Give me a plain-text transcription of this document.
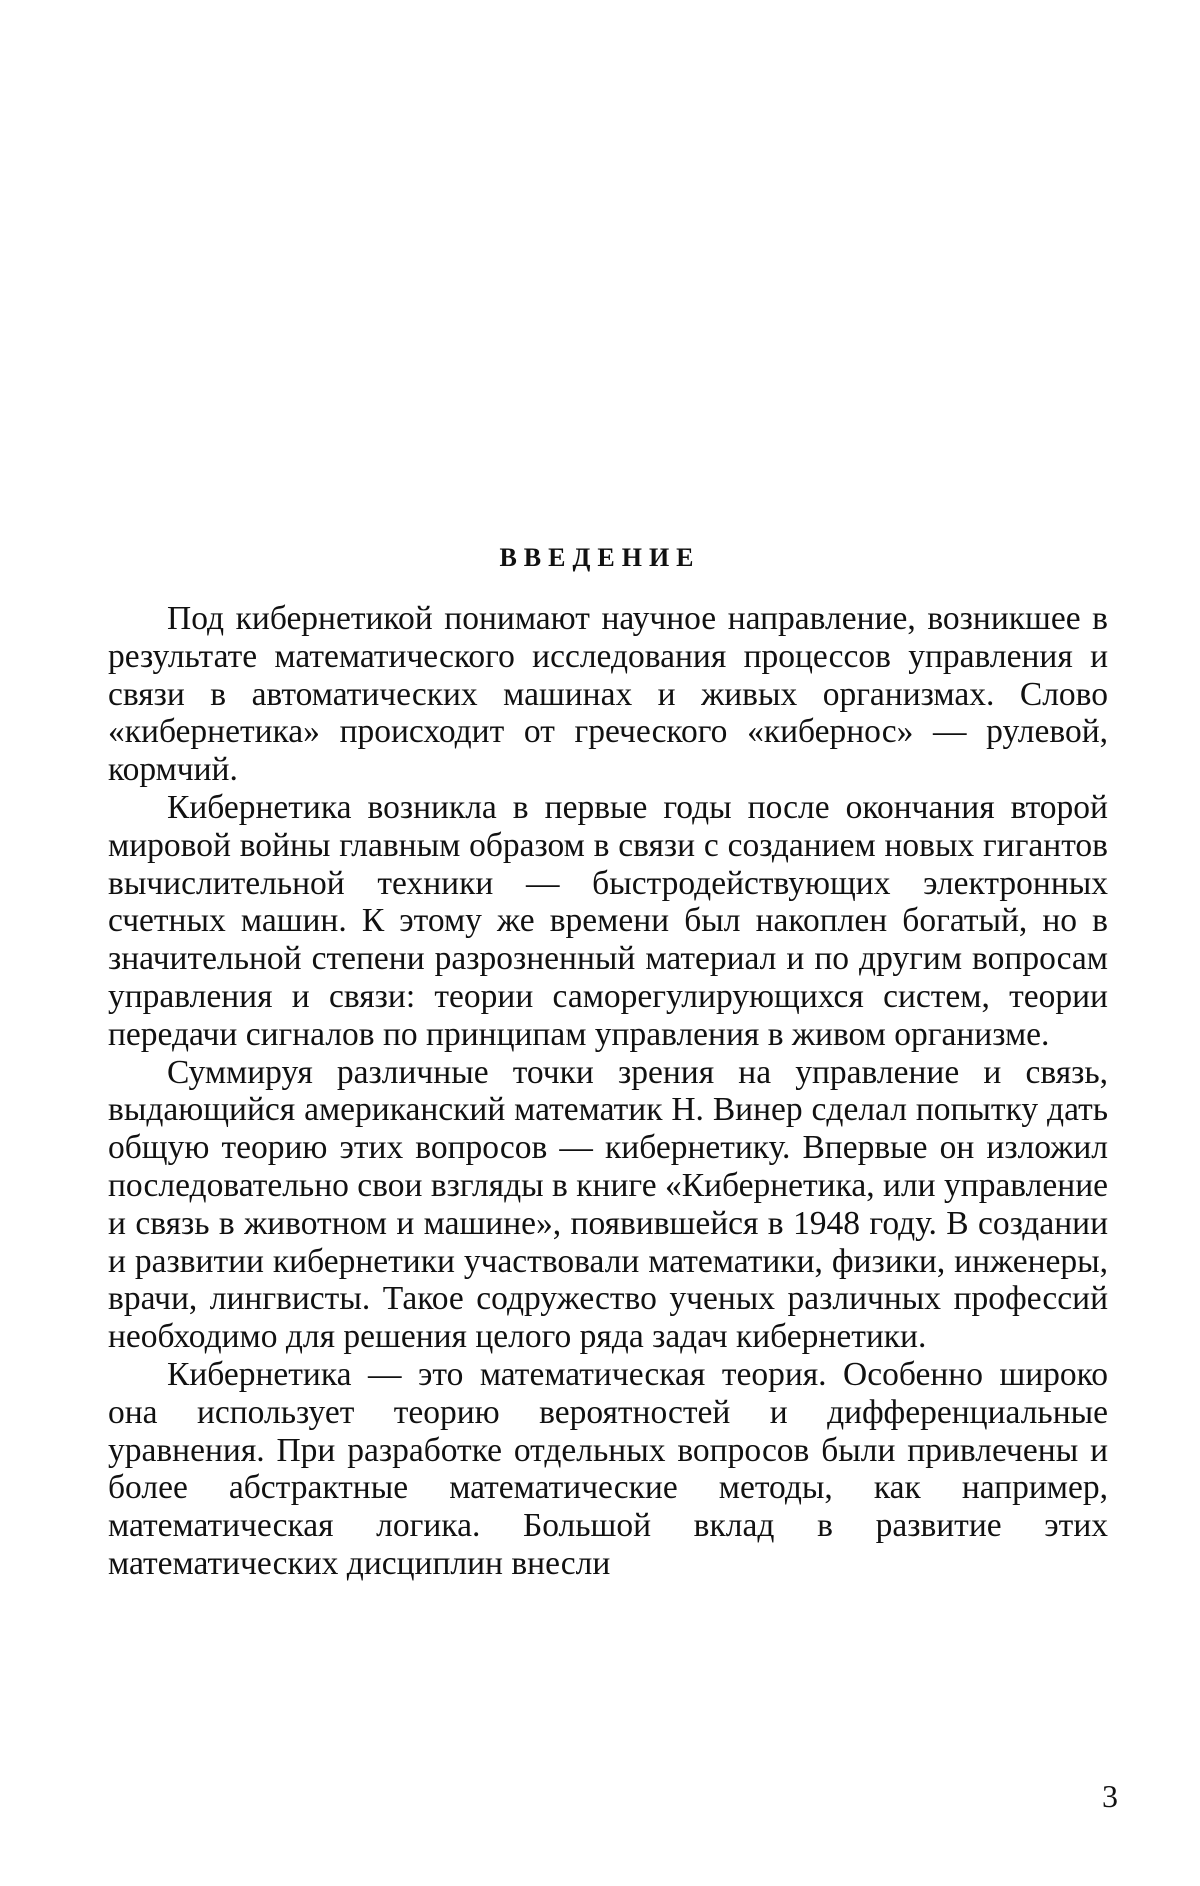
ВВЕДЕНИЕ

Под кибернетикой понимают научное направление, возникшее в результате математического исследования процессов управления и связи в автоматических машинах и живых организмах. Слово «кибернетика» происходит от греческого «кибернос» — рулевой, кормчий.

Кибернетика возникла в первые годы после окончания второй мировой войны главным образом в связи с созданием новых гигантов вычислительной техники — быстродействующих электронных счетных машин. К этому же времени был накоплен богатый, но в значительной степени разрозненный материал и по другим вопросам управления и связи: теории саморегулирующихся систем, теории передачи сигналов по принципам управления в живом организме.

Суммируя различные точки зрения на управление и связь, выдающийся американский математик Н. Винер сделал попытку дать общую теорию этих вопросов — кибернетику. Впервые он изложил последовательно свои взгляды в книге «Кибернетика, или управление и связь в животном и машине», появившейся в 1948 году. В создании и развитии кибернетики участвовали математики, физики, инженеры, врачи, лингвисты. Такое содружество ученых различных профессий необходимо для решения целого ряда задач кибернетики.

Кибернетика — это математическая теория. Особенно широко она использует теорию вероятностей и дифференциальные уравнения. При разработке отдельных вопросов были привлечены и более абстрактные математические методы, как например, математическая логика. Большой вклад в развитие этих математических дисциплин внесли

3
